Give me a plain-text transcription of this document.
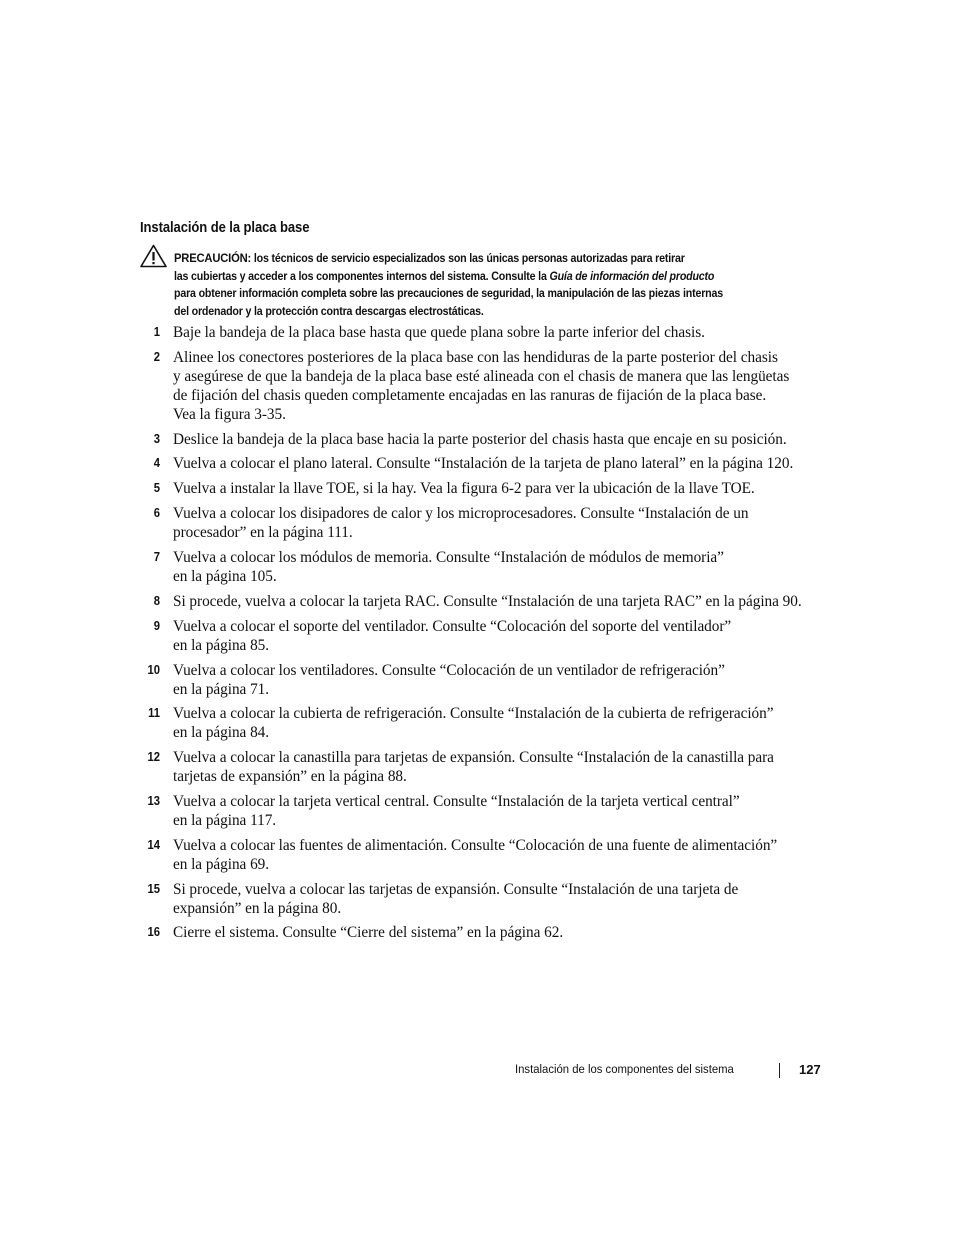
Instalación de la placa base
PRECAUCIÓN: los técnicos de servicio especializados son las únicas personas autorizadas para retirar
las cubiertas y acceder a los componentes internos del sistema. Consulte la Guía de información del producto
para obtener información completa sobre las precauciones de seguridad, la manipulación de las piezas internas
del ordenador y la protección contra descargas electrostáticas.
1 Baje la bandeja de la placa base hasta que quede plana sobre la parte inferior del chasis.
2 Alinee los conectores posteriores de la placa base con las hendiduras de la parte posterior del chasis
y asegúrese de que la bandeja de la placa base esté alineada con el chasis de manera que las lengüetas
de fijación del chasis queden completamente encajadas en las ranuras de fijación de la placa base.
Vea la figura 3-35.
3 Deslice la bandeja de la placa base hacia la parte posterior del chasis hasta que encaje en su posición.
4 Vuelva a colocar el plano lateral. Consulte “Instalación de la tarjeta de plano lateral” en la página 120.
5 Vuelva a instalar la llave TOE, si la hay. Vea la figura 6-2 para ver la ubicación de la llave TOE.
6 Vuelva a colocar los disipadores de calor y los microprocesadores. Consulte “Instalación de un
procesador” en la página 111.
7 Vuelva a colocar los módulos de memoria. Consulte “Instalación de módulos de memoria”
en la página 105.
8 Si procede, vuelva a colocar la tarjeta RAC. Consulte “Instalación de una tarjeta RAC” en la página 90.
9 Vuelva a colocar el soporte del ventilador. Consulte “Colocación del soporte del ventilador”
en la página 85.
10 Vuelva a colocar los ventiladores. Consulte “Colocación de un ventilador de refrigeración”
en la página 71.
11 Vuelva a colocar la cubierta de refrigeración. Consulte “Instalación de la cubierta de refrigeración”
en la página 84.
12 Vuelva a colocar la canastilla para tarjetas de expansión. Consulte “Instalación de la canastilla para
tarjetas de expansión” en la página 88.
13 Vuelva a colocar la tarjeta vertical central. Consulte “Instalación de la tarjeta vertical central”
en la página 117.
14 Vuelva a colocar las fuentes de alimentación. Consulte “Colocación de una fuente de alimentación”
en la página 69.
15 Si procede, vuelva a colocar las tarjetas de expansión. Consulte “Instalación de una tarjeta de
expansión” en la página 80.
16 Cierre el sistema. Consulte “Cierre del sistema” en la página 62.
Instalación de los componentes del sistema	127
